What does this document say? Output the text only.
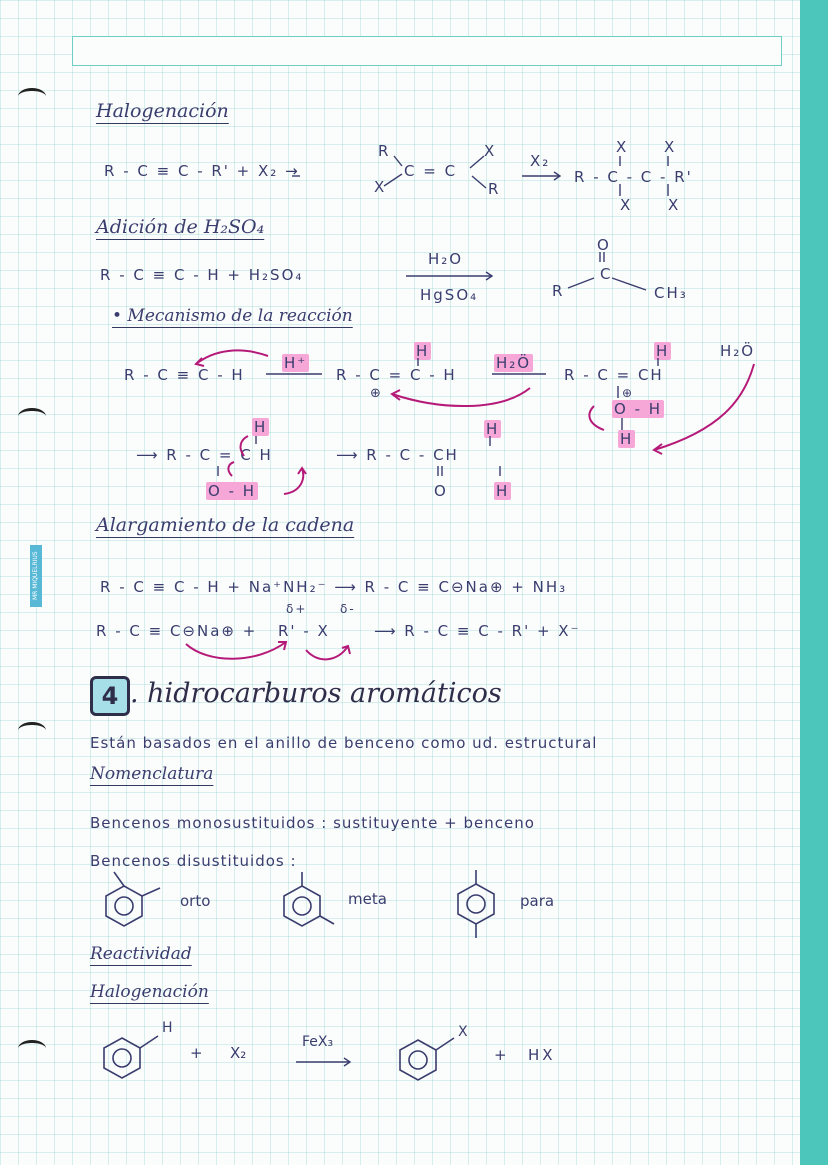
MR MIQUELRIUS
Halogenación
R - C ≡ C - R' + X₂ →
R
X
C = C
X
R
X₂
R - C - C - R'
X X
X X
Adición de H₂SO₄
R - C ≡ C - H + H₂SO₄
H₂O
HgSO₄
O
C
R	CH₃
• Mecanismo de la reacción
R - C ≡ C - H
H⁺
R - C = C - H
H
⊕
H₂Ö
R - C = CH
H
O - H
⊕
H
H₂Ö
⟶ R - C = C H
H
O - H
⟶ R - C - CH
H
O	H
Alargamiento de la cadena
R - C ≡ C - H + Na⁺NH₂⁻ ⟶ R - C ≡ C⊖Na⊕ + NH₃
R - C ≡ C⊖Na⊕ + R' - X
δ+	δ-
⟶ R - C ≡ C - R' + X⁻
4 . hidrocarburos aromáticos
Están basados en el anillo de benceno como ud. estructural
Nomenclatura
Bencenos monosustituidos : sustituyente + benceno
Bencenos disustituidos :
orto	meta	para
Reactividad
Halogenación
H
+ X₂
FeX₃
X
+ HX
